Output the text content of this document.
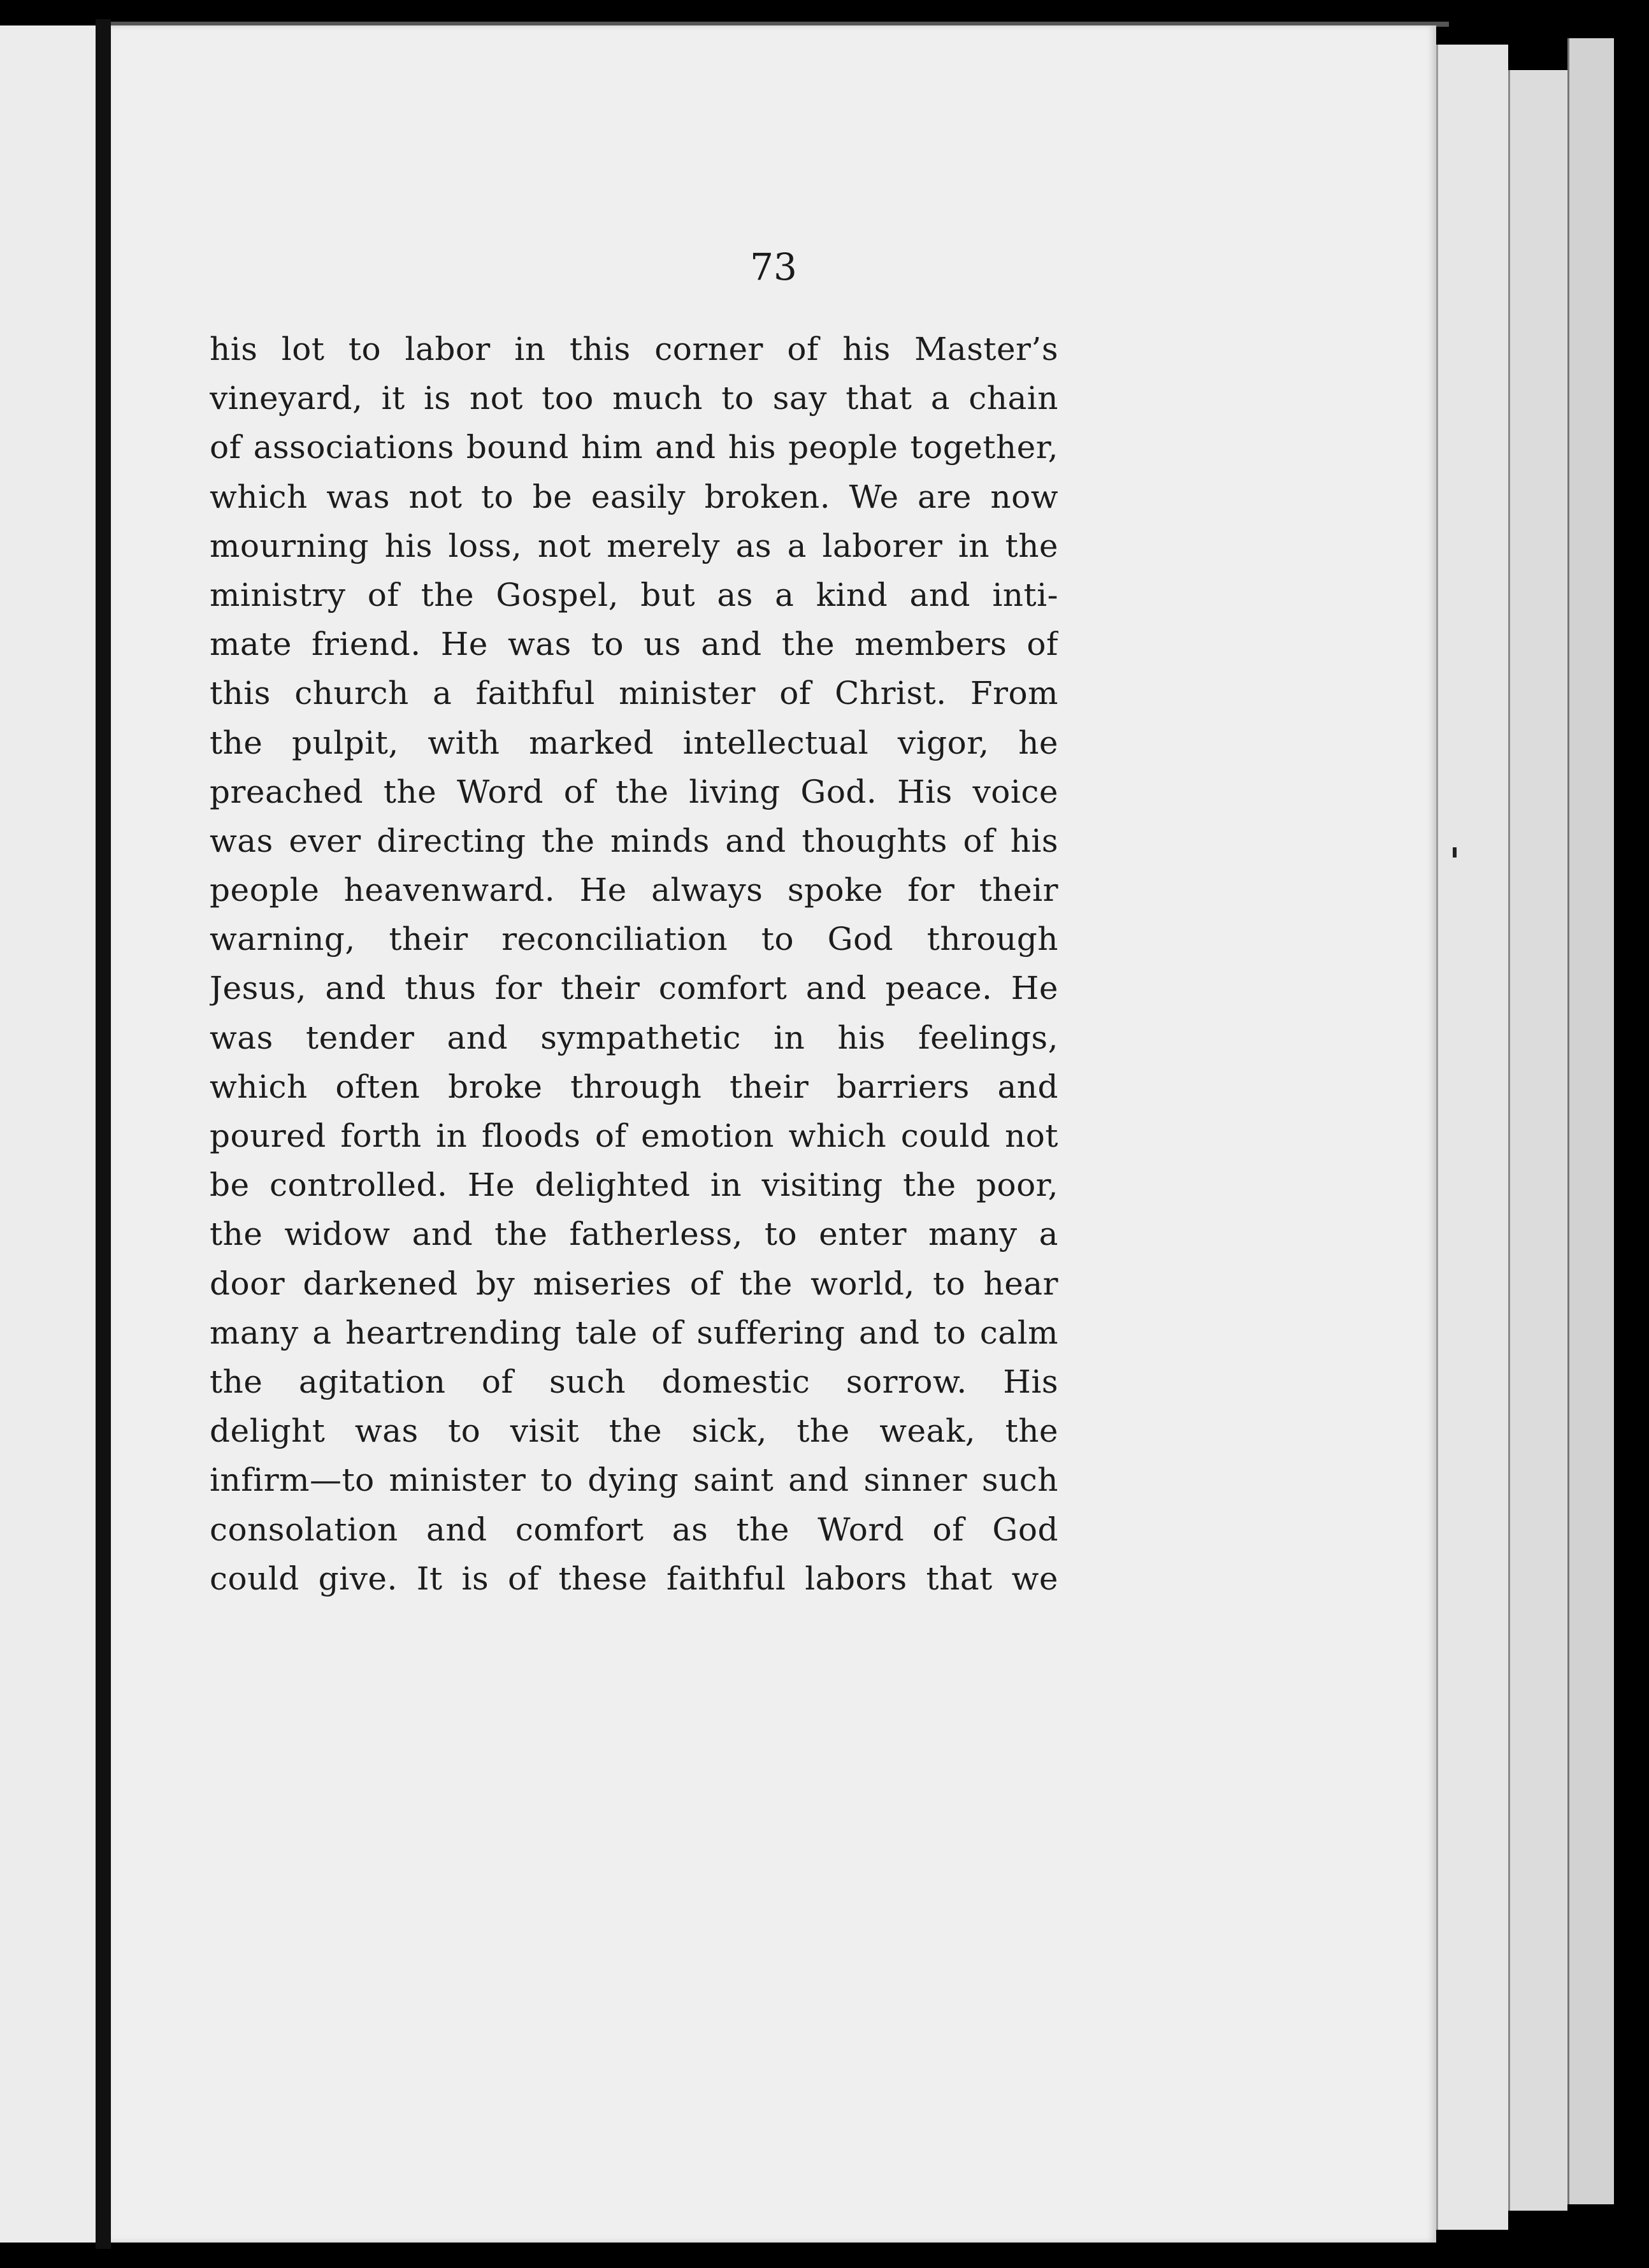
73
his lot to labor in this corner of his Master’s
vineyard, it is not too much to say that a chain
of associations bound him and his people together,
which was not to be easily broken. We are now
mourning his loss, not merely as a laborer in the
ministry of the Gospel, but as a kind and inti-
mate friend. He was to us and the members of
this church a faithful minister of Christ. From
the pulpit, with marked intellectual vigor, he
preached the Word of the living God. His voice
was ever directing the minds and thoughts of his
people heavenward. He always spoke for their
warning, their reconciliation to God through
Jesus, and thus for their comfort and peace. He
was tender and sympathetic in his feelings,
which often broke through their barriers and
poured forth in floods of emotion which could not
be controlled. He delighted in visiting the poor,
the widow and the fatherless, to enter many a
door darkened by miseries of the world, to hear
many a heartrending tale of suffering and to calm
the agitation of such domestic sorrow. His
delight was to visit the sick, the weak, the
infirm—to minister to dying saint and sinner such
consolation and comfort as the Word of God
could give. It is of these faithful labors that we
